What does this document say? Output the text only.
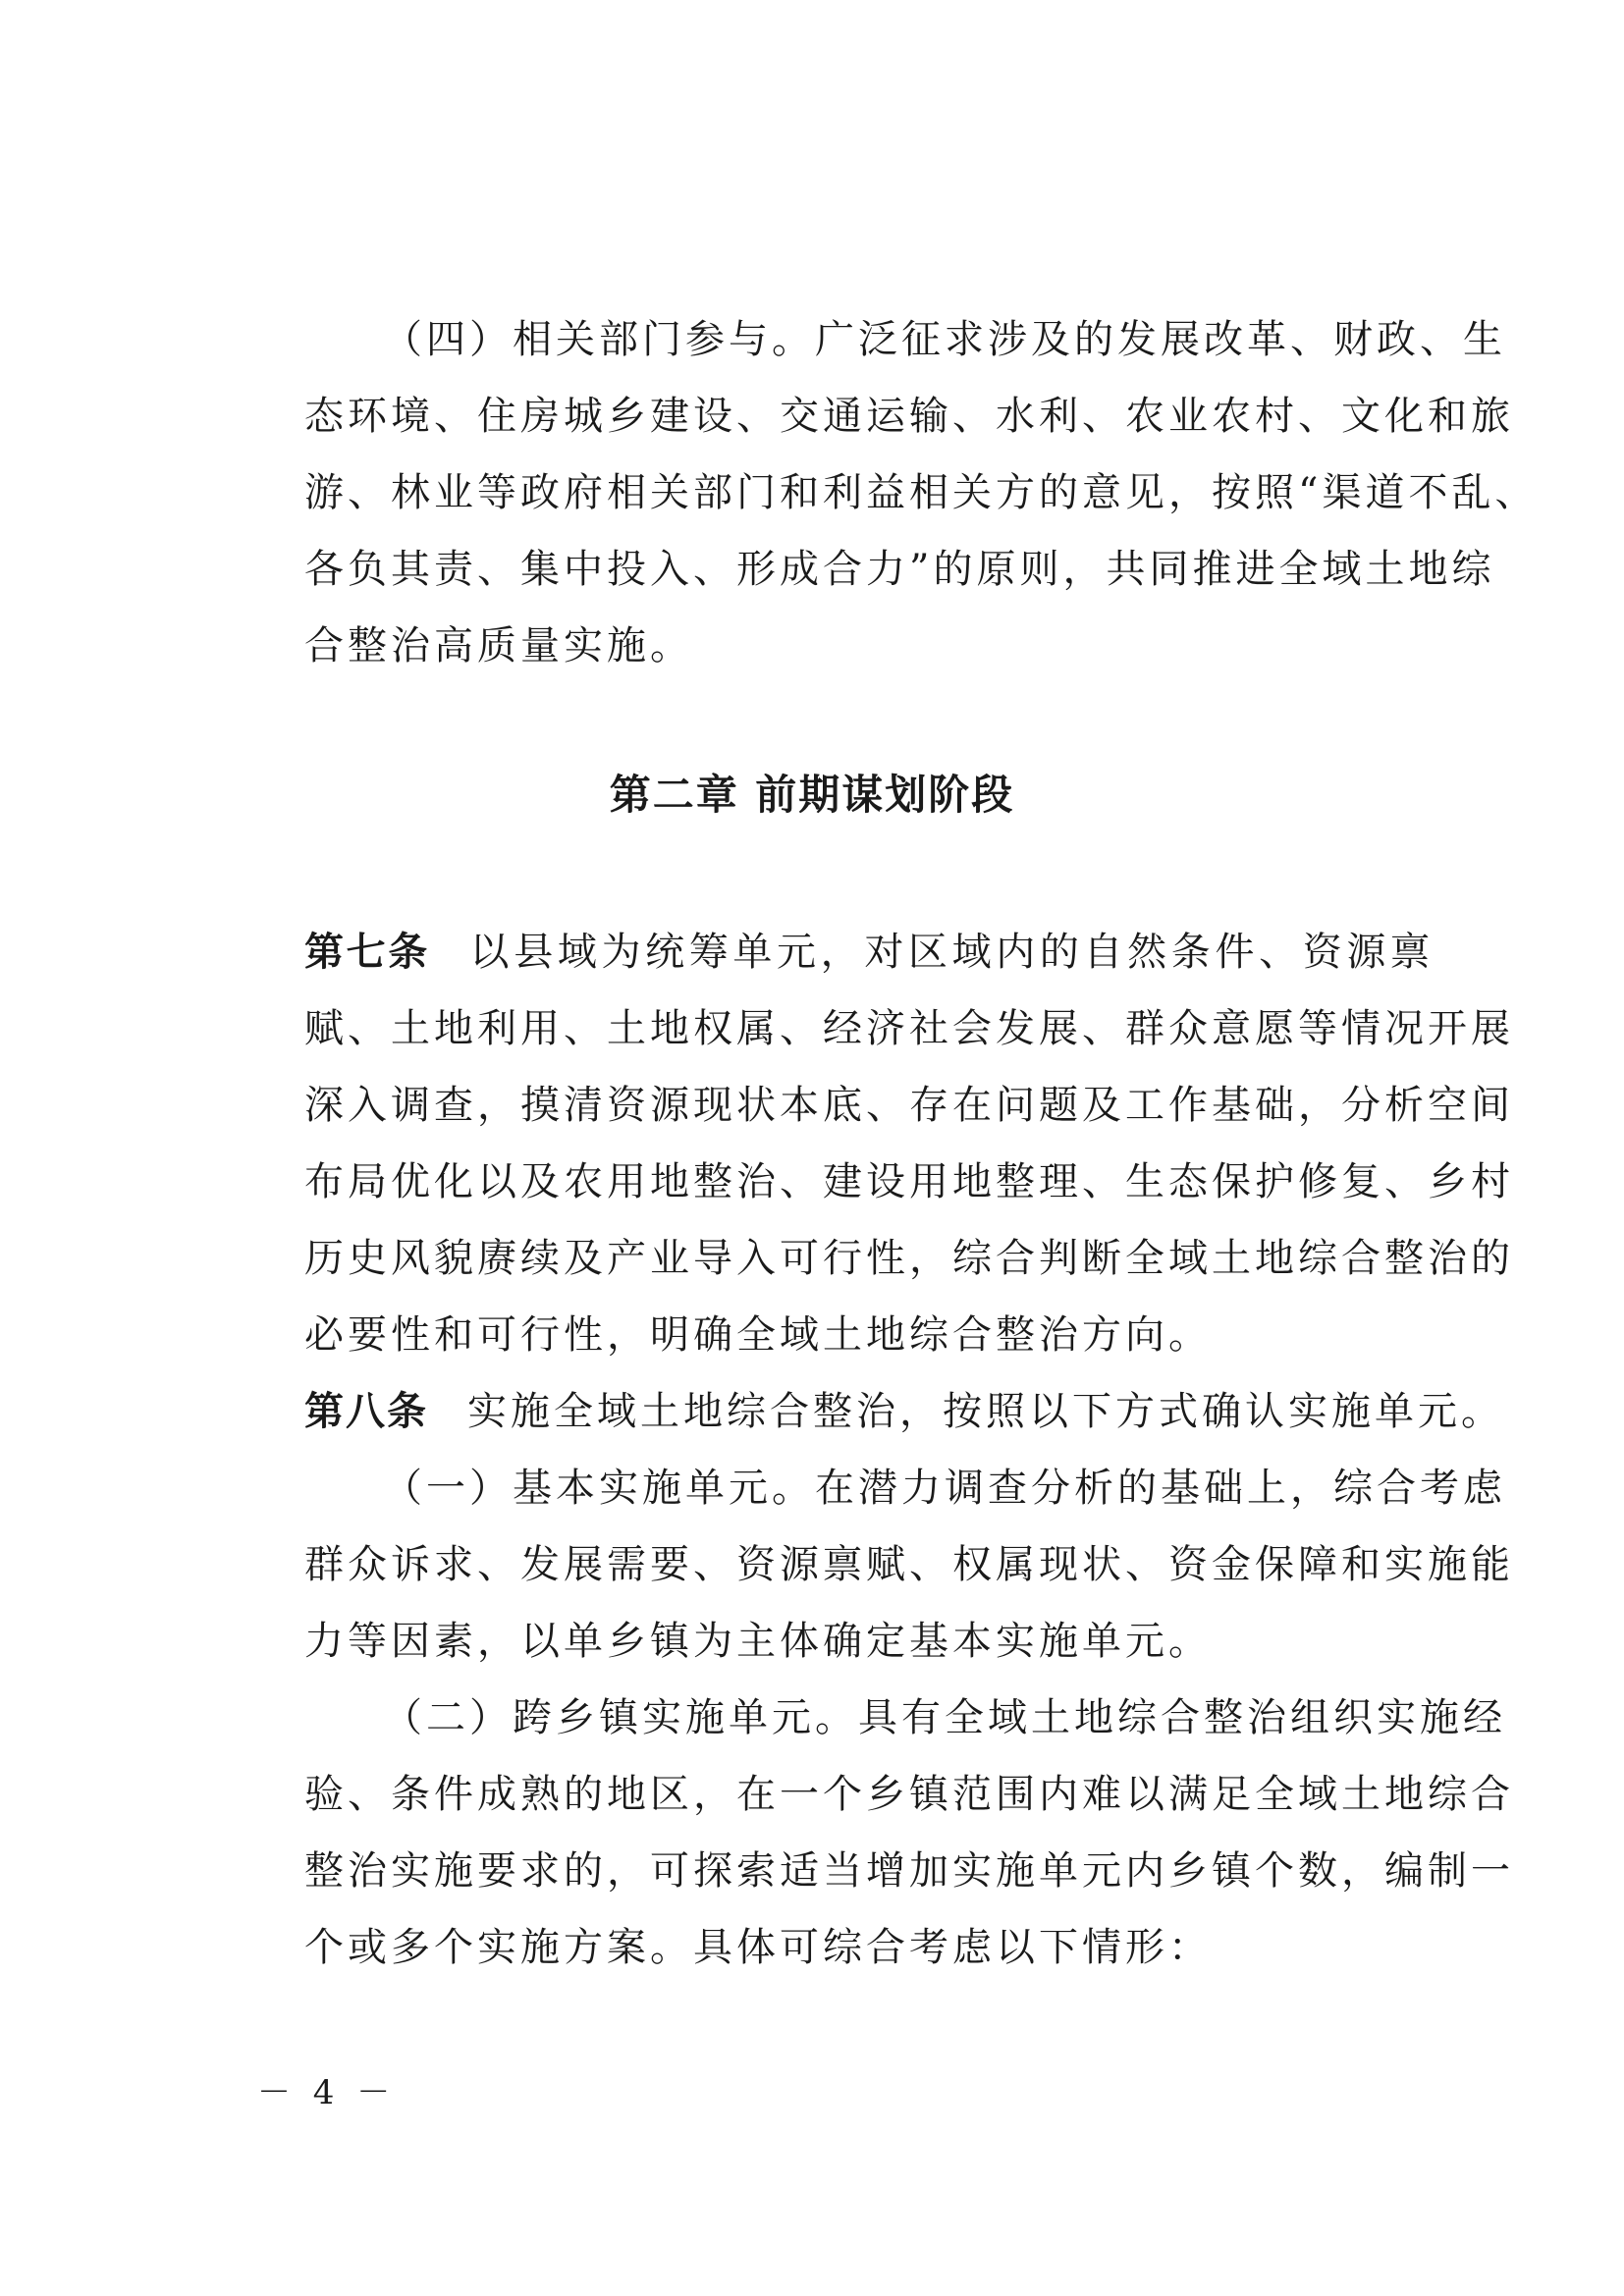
（四）相关部门参与。广泛征求涉及的发展改革、财政、生
态环境、住房城乡建设、交通运输、水利、农业农村、文化和旅
游、林业等政府相关部门和利益相关方的意见，按照“渠道不乱、
各负其责、集中投入、形成合力”的原则，共同推进全域土地综
合整治高质量实施。
第二章 前期谋划阶段
第七条 以县域为统筹单元，对区域内的自然条件、资源禀
赋、土地利用、土地权属、经济社会发展、群众意愿等情况开展
深入调查，摸清资源现状本底、存在问题及工作基础，分析空间
布局优化以及农用地整治、建设用地整理、生态保护修复、乡村
历史风貌赓续及产业导入可行性，综合判断全域土地综合整治的
必要性和可行性，明确全域土地综合整治方向。
第八条 实施全域土地综合整治，按照以下方式确认实施单元。
（一）基本实施单元。在潜力调查分析的基础上，综合考虑
群众诉求、发展需要、资源禀赋、权属现状、资金保障和实施能
力等因素，以单乡镇为主体确定基本实施单元。
（二）跨乡镇实施单元。具有全域土地综合整治组织实施经
验、条件成熟的地区，在一个乡镇范围内难以满足全域土地综合
整治实施要求的，可探索适当增加实施单元内乡镇个数，编制一
个或多个实施方案。具体可综合考虑以下情形：
－ 4 －
